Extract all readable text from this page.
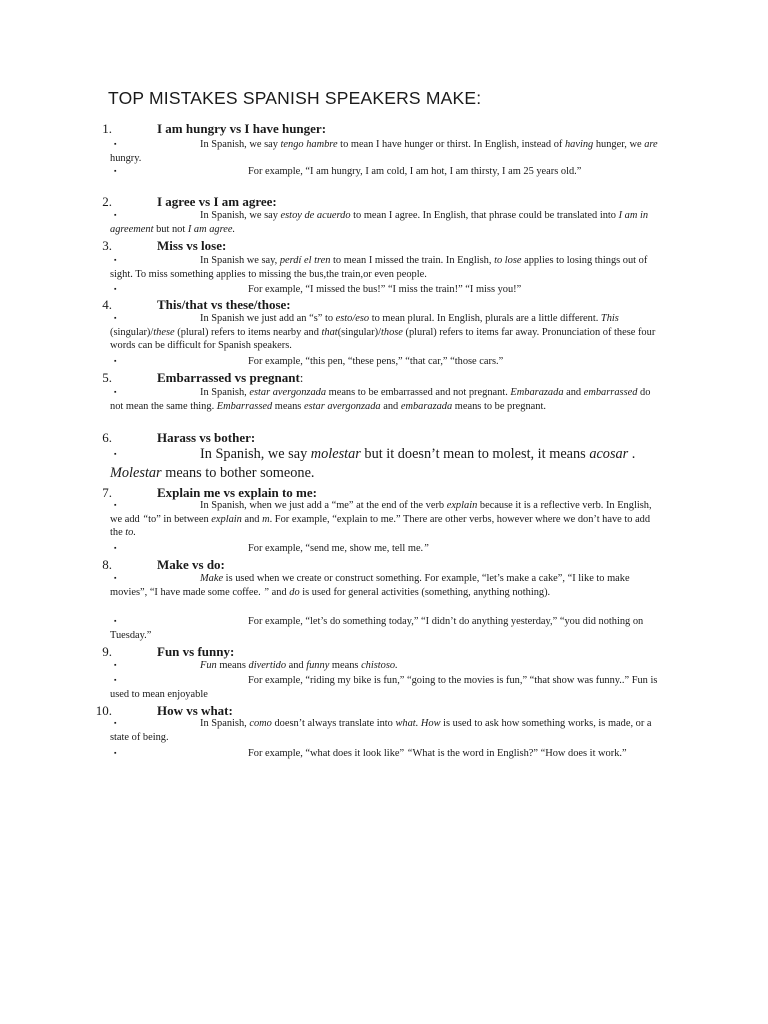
TOP MISTAKES SPANISH SPEAKERS MAKE:
1.	I am hungry vs I have hunger:
▪	In Spanish, we say tengo hambre to mean I have hunger or thirst. In English, instead of having hunger, we are hungry.

▪	For example, “I am hungry, I am cold, I am hot, I am thirsty, I am 25 years old.”

2.	I agree vs I am agree:
▪	In Spanish, we say estoy de acuerdo to mean I agree. In English, that phrase could be translated into I am in agreement but not I am agree.

3.	Miss vs lose:
▪	In Spanish we say, perdí el tren to mean I missed the train. In English, to lose applies to losing things out of sight. To miss something applies to missing the bus,the train,or even people.

▪	For example, “I missed the bus!” “I miss the train!” “I miss you!”

4.	This/that vs these/those:
▪	In Spanish we just add an “s” to esto/eso to mean plural. In English, plurals are a little different. This (singular)/these (plural) refers to items nearby and that(singular)/those (plural) refers to items far away. Pronunciation of these four words can be difficult for Spanish speakers.

▪	For example, “this pen, “these pens,” “that car,” “those cars.”

5.	Embarrassed vs pregnant:
▪	In Spanish, estar avergonzada means to be embarrassed and not pregnant. Embarazada and embarrassed do not mean the same thing. Embarrassed means estar avergonzada and embarazada means to be pregnant.

6.	Harass vs bother:
▪	In Spanish, we say molestar but it doesn’t mean to molest, it means acosar . Molestar means to bother someone.

7.	Explain me vs explain to me:
▪	In Spanish, when we just add a “me” at the end of the verb explain because it is a reflective verb. In English, we add “to” in between explain and m. For example, “explain to me.” There are other verbs, however where we don’t have to add the to.

▪	For example, “send me, show me, tell me.”

8.	Make vs do:
▪	Make is used when we create or construct something. For example, “let’s make a cake”, “I like to make movies”, “I have made some coffee. ” and do is used for general activities (something, anything nothing).

▪	For example, “let’s do something today,” “I didn’t do anything yesterday,” “you did nothing on Tuesday.”

9.	Fun vs funny:
▪	Fun means divertido and funny means chistoso.

▪	For example, “riding my bike is fun,” “going to the movies is fun,” “that show was funny..” Fun is used to mean enjoyable

10.	How vs what:
▪	In Spanish, como doesn’t always translate into what. How is used to ask how something works, is made, or a state of being.

▪	For example, “what does it look like” “What is the word in English?” “How does it work.”
